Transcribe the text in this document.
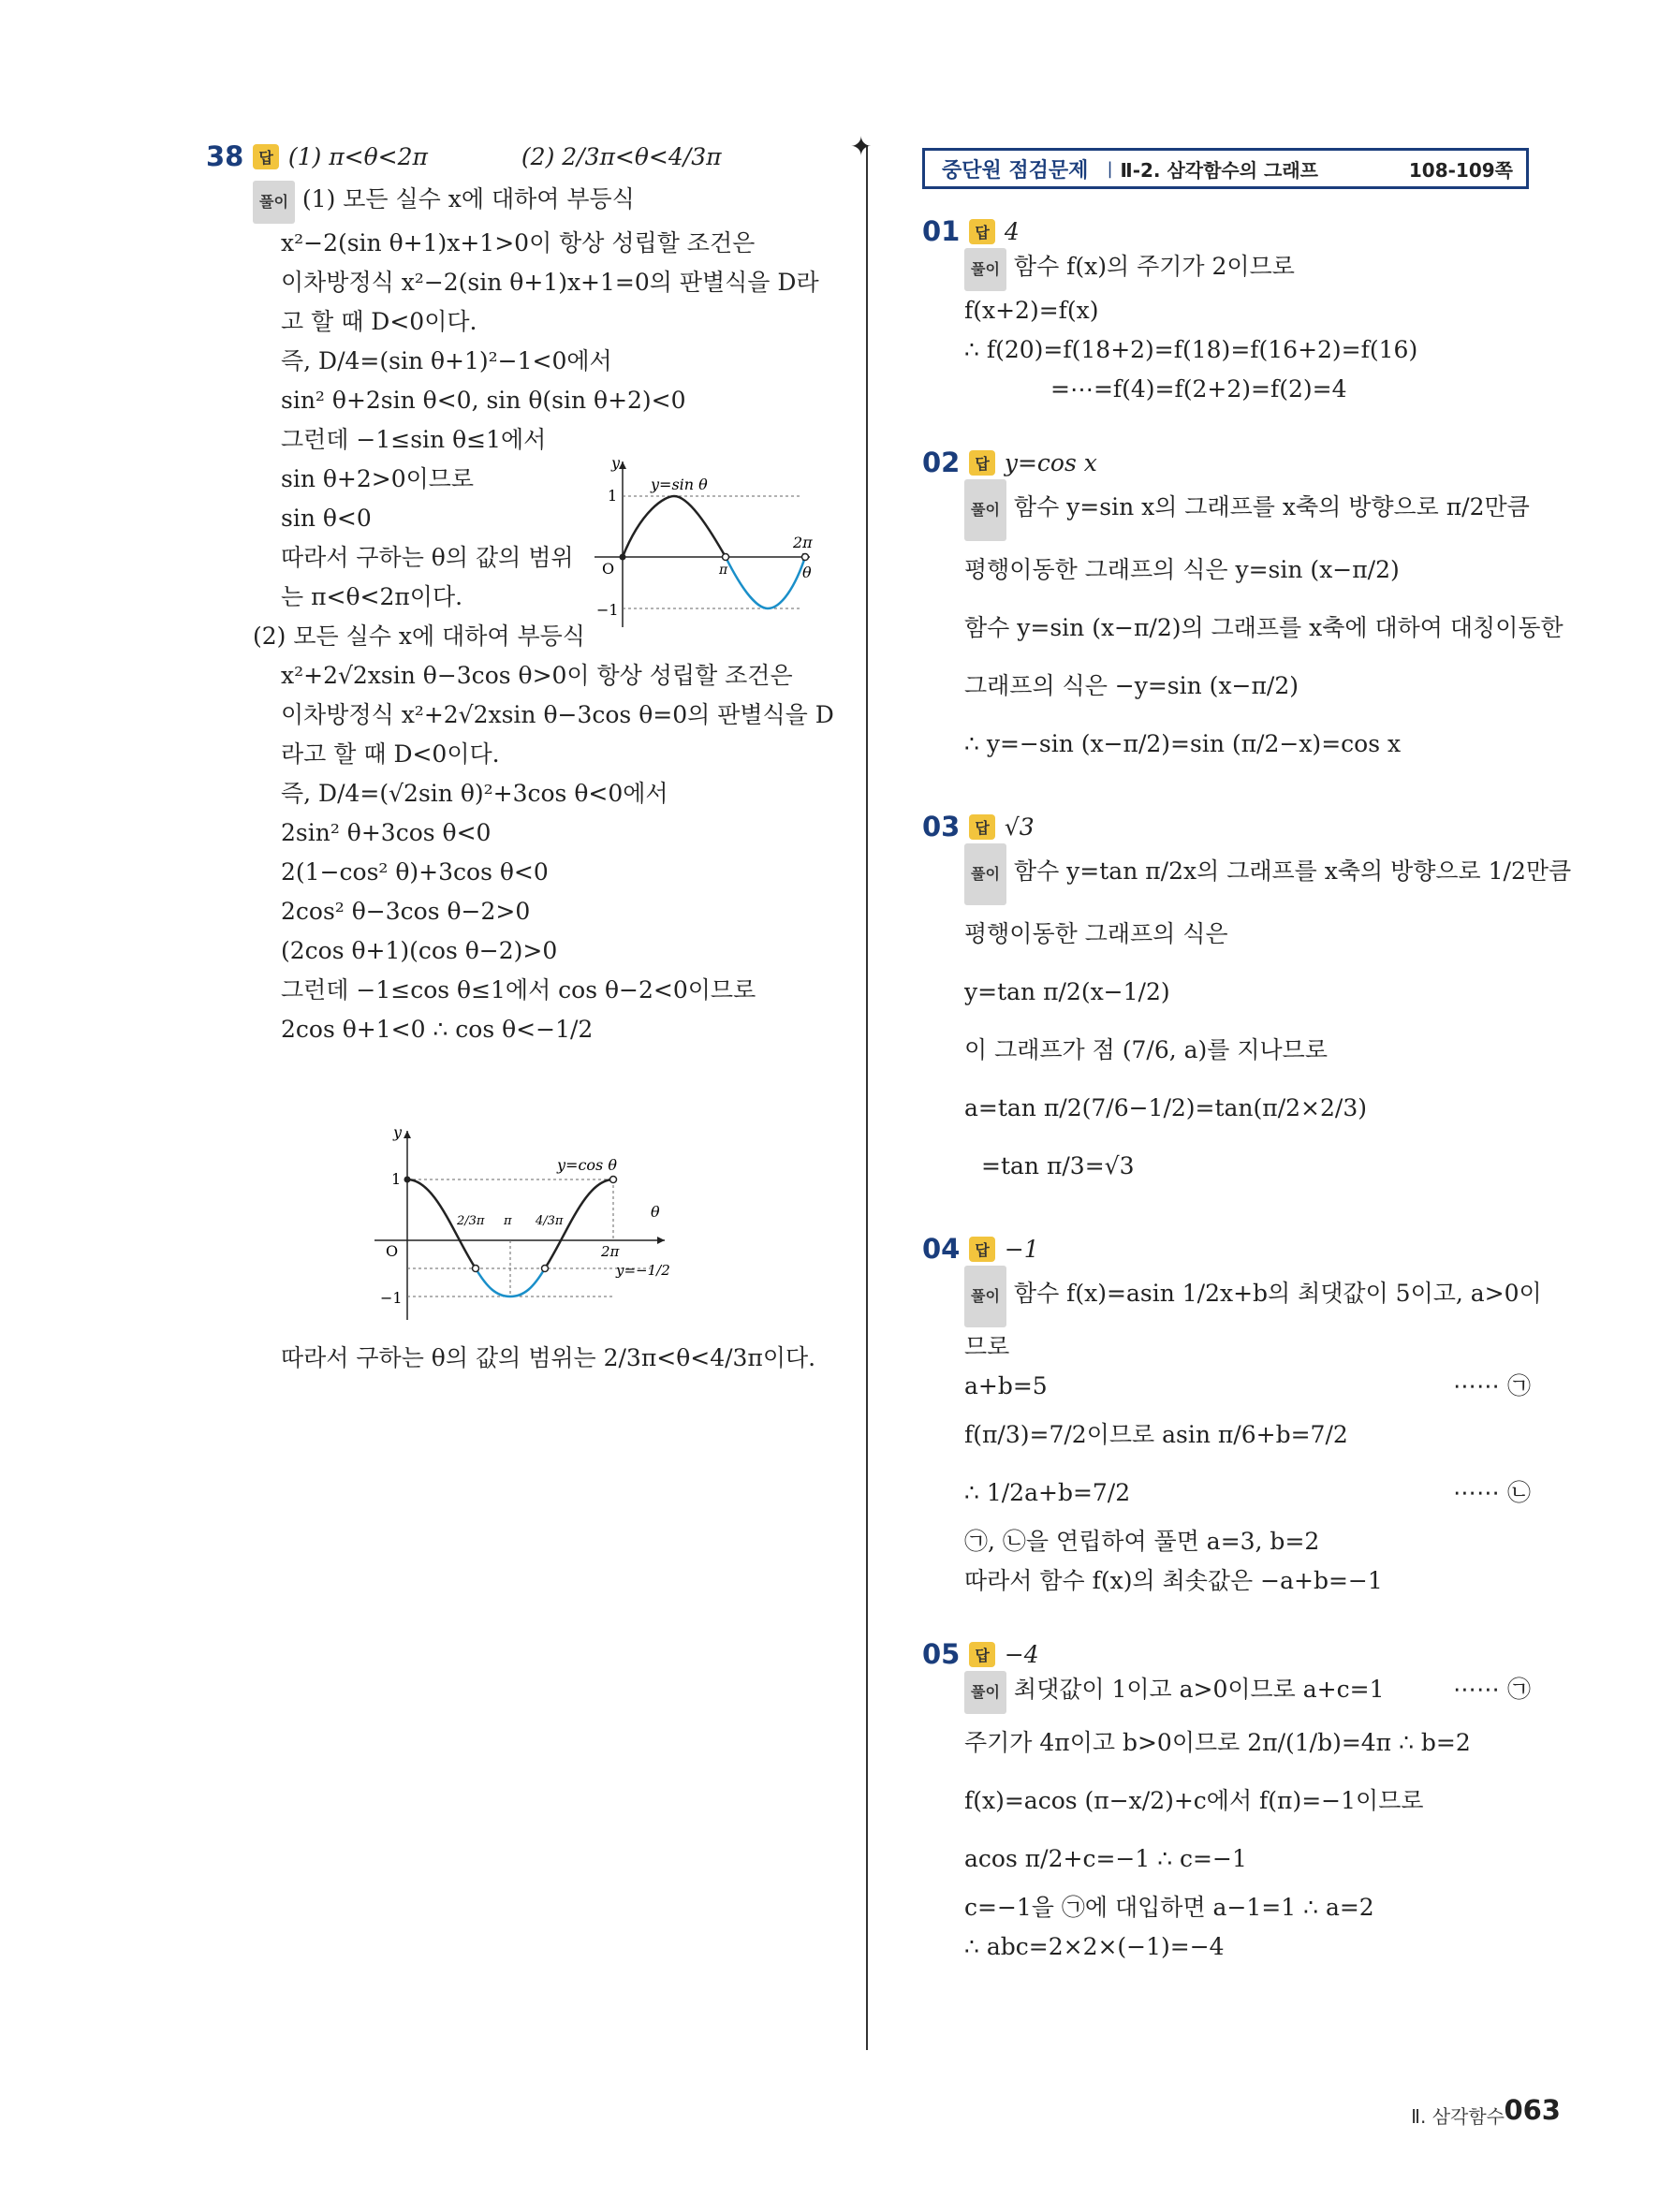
✦
중단원 점검문제	| Ⅱ-2. 삼각함수의 그래프	108-109쪽
38	답 (1) π<θ<2π	(2) 2/3π<θ<4/3π
풀이 (1) 모든 실수 x에 대하여 부등식
x²−2(sin θ+1)x+1>0이 항상 성립할 조건은
이차방정식 x²−2(sin θ+1)x+1=0의 판별식을 D라
고 할 때 D<0이다.
즉, D/4=(sin θ+1)²−1<0에서
sin² θ+2sin θ<0, sin θ(sin θ+2)<0
그런데 −1≤sin θ≤1에서
sin θ+2>0이므로
sin θ<0
따라서 구하는 θ의 값의 범위
는 π<θ<2π이다.
(2) 모든 실수 x에 대하여 부등식
x²+2√2xsin θ−3cos θ>0이 항상 성립할 조건은
이차방정식 x²+2√2xsin θ−3cos θ=0의 판별식을 D
라고 할 때 D<0이다.
즉, D/4=(√2sin θ)²+3cos θ<0에서
2sin² θ+3cos θ<0
2(1−cos² θ)+3cos θ<0
2cos² θ−3cos θ−2>0
(2cos θ+1)(cos θ−2)>0
그런데 −1≤cos θ≤1에서 cos θ−2<0이므로
2cos θ+1<0 ∴ cos θ<−1/2
y
1
−1
O
y=sin θ
π
2π
θ
y
1
−1
O
y=cos θ
2/3π π 4/3π
2π
y=−1/2
θ
따라서 구하는 θ의 값의 범위는 2/3π<θ<4/3π이다.
01	답 4
풀이 함수 f(x)의 주기가 2이므로
f(x+2)=f(x)
∴ f(20)=f(18+2)=f(18)=f(16+2)=f(16)
=⋯=f(4)=f(2+2)=f(2)=4
02	답 y=cos x
풀이 함수 y=sin x의 그래프를 x축의 방향으로 π/2만큼
평행이동한 그래프의 식은 y=sin (x−π/2)
함수 y=sin (x−π/2)의 그래프를 x축에 대하여 대칭이동한
그래프의 식은 −y=sin (x−π/2)
∴ y=−sin (x−π/2)=sin (π/2−x)=cos x
03	답 √3
풀이 함수 y=tan π/2x의 그래프를 x축의 방향으로 1/2만큼
평행이동한 그래프의 식은
y=tan π/2(x−1/2)
이 그래프가 점 (7/6, a)를 지나므로
a=tan π/2(7/6−1/2)=tan(π/2×2/3)
=tan π/3=√3
04	답 −1
풀이 함수 f(x)=asin 1/2x+b의 최댓값이 5이고, a>0이
므로
a+b=5	⋯⋯ ㉠
f(π/3)=7/2이므로 asin π/6+b=7/2
∴ 1/2a+b=7/2	⋯⋯ ㉡
㉠, ㉡을 연립하여 풀면 a=3, b=2
따라서 함수 f(x)의 최솟값은 −a+b=−1
05	답 −4
풀이 최댓값이 1이고 a>0이므로 a+c=1	⋯⋯ ㉠
주기가 4π이고 b>0이므로 2π/(1/b)=4π ∴ b=2
f(x)=acos (π−x/2)+c에서 f(π)=−1이므로
acos π/2+c=−1 ∴ c=−1
c=−1을 ㉠에 대입하면 a−1=1 ∴ a=2
∴ abc=2×2×(−1)=−4
Ⅱ. 삼각함수 063
